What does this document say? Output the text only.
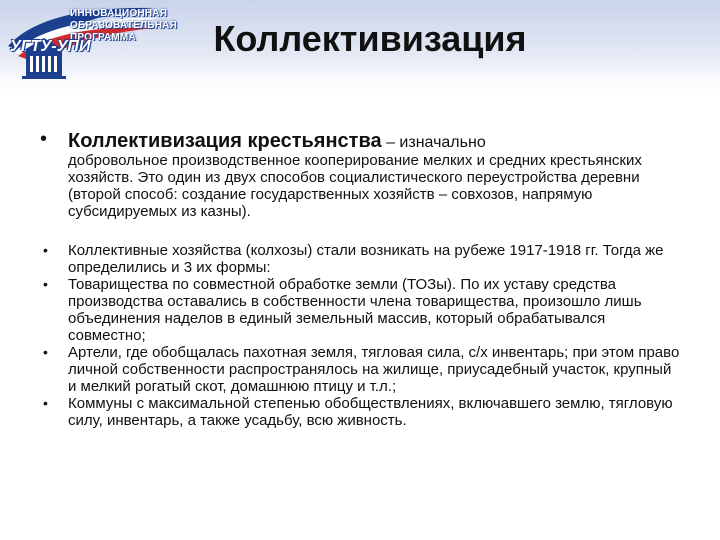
ИННОВАЦИОННАЯ
ОБРАЗОВАТЕЛЬНАЯ
ПРОГРАММА
УГТУ-УПИ	Коллективизация
• Коллективизация крестьянства – изначально
добровольное производственное кооперирование мелких и средних крестьянских хозяйств. Это один из двух способов социалистического переустройства деревни (второй способ: создание государственных хозяйств – совхозов, напрямую субсидируемых из казны).
• Коллективные хозяйства (колхозы) стали возникать на рубеже 1917-1918 гг. Тогда же определились и 3 их формы:
• Товарищества по совместной обработке земли (ТОЗы). По их уставу средства производства оставались в собственности члена товарищества, произошло лишь объединения наделов в единый земельный массив, который обрабатывался совместно;
• Артели, где обобщалась пахотная земля, тягловая сила, с/х инвентарь; при этом право личной собственности распространялось на жилище, приусадебный участок, крупный и мелкий рогатый скот, домашнюю птицу и т.л.;
• Коммуны с максимальной степенью обобществлениях, включавшего землю, тягловую силу, инвентарь, а также усадьбу, всю живность.
